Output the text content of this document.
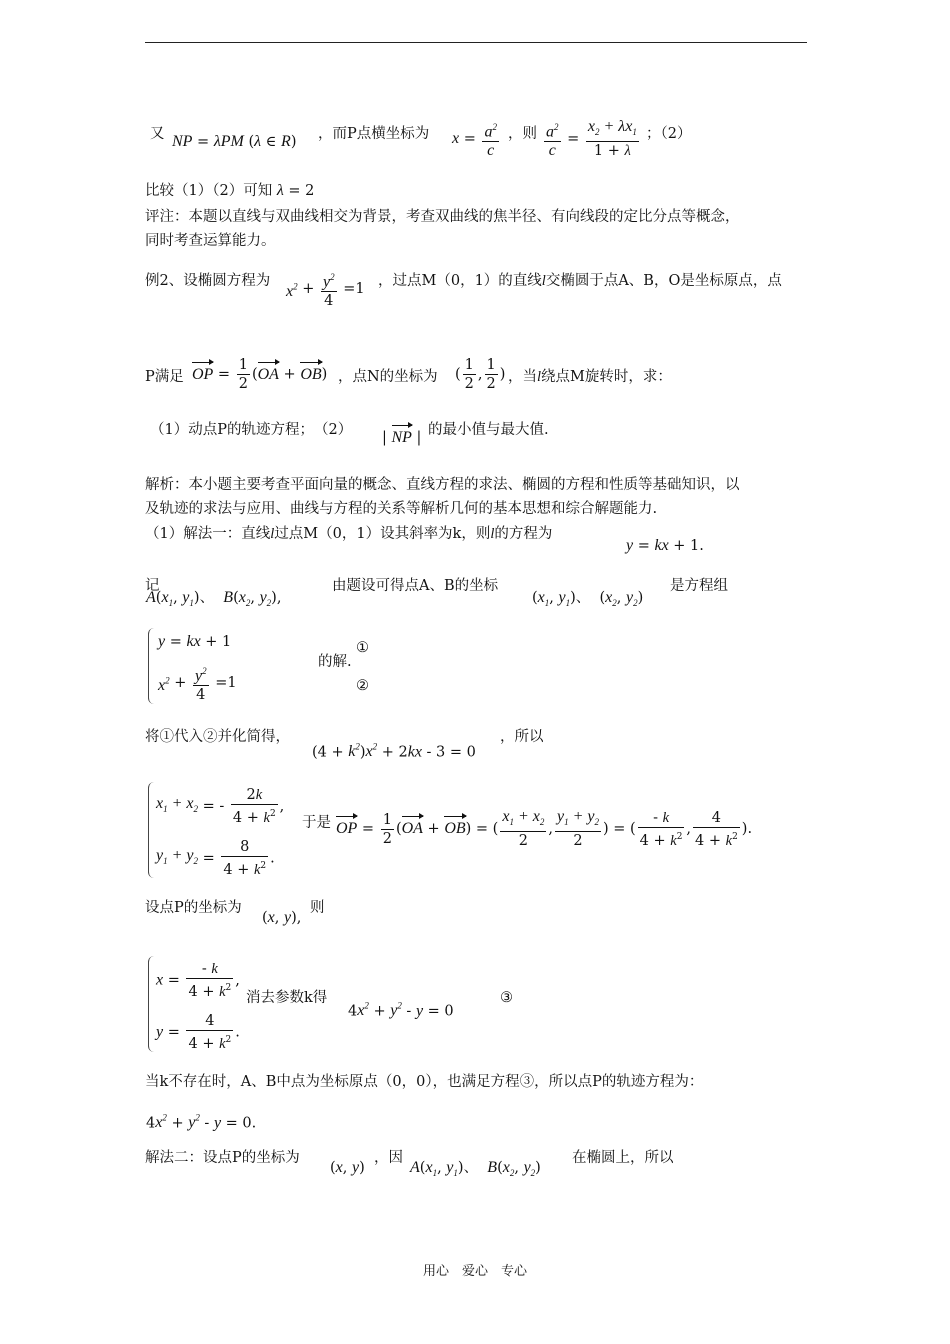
又 NP = λPM (λ ∈ R) ，而P点横坐标为 $x = \frac{a^2}{c}$ ，则 $\frac{a^2}{c} = \frac{x_2 + \lambda x_1}{1 + \lambda}$ ；（2）
比较（1）（2）可知 λ = 2
评注：本题以直线与双曲线相交为背景，考查双曲线的焦半径、有向线段的定比分点等概念，
同时考查运算能力。
例2、设椭圆方程为
$x^2 + \frac{y^2}{4} =1$
，过点M（0，1）的直线l交椭圆于点A、B，O是坐标原点，点
P满足 OP = $\frac{1}{2} (OA + OB)$ ，点N的坐标为 ( $\frac{1}{2}$ , $\frac{1}{2}$ ) ，当l绕点M旋转时，求：
（1）动点P的轨迹方程；　（2） | NP | 的最小值与最大值.
解析：本小题主要考查平面向量的概念、直线方程的求法、椭圆的方程和性质等基础知识，以
及轨迹的求法与应用、曲线与方程的关系等解析几何的基本思想和综合解题能力.
（1）解法一：直线l过点M（0，1）设其斜率为k，则l的方程为
y = kx + 1.
记
$A(x_1$, $y_1$)、 $B(x_2$, $y_2$),
由题设可得点A、B的坐标
($x_1$, $y_1$)、  ($x_2$, $y_2$)
是方程组
y = kx + 1
$x^2 + \frac{y^2}{4} =1$
的解.
①
②
将①代入②并化简得，
$(4 + k^2)x^2 + 2kx - 3 = 0$
，所以
$x_1 + x_2$ = - $\frac{2k}{4 + k^2}$ ,
$y_1 + y_2 = \frac{8}{4 + k^2}$ .
于是 OP = $\frac{1}{2} (OA + OB)$ = ( $\frac{x_1 + x_2}{2}$ , $\frac{y_1 + y_2}{2}$ ) = ( $\frac{- k}{4 + k^2}$ , $\frac{4}{4 + k^2}$ ).
设点P的坐标为
(x, y),
则
$x = \frac{- k}{4 + k^2}$ ,
$y = \frac{4}{4 + k^2}$ .
消去参数k得
$4x^2 + y^2 - y = 0$
③
当k不存在时，A、B中点为坐标原点（0，0），也满足方程③，所以点P的轨迹方程为：
$4x^2 + y^2 - y = 0$.
解法二：设点P的坐标为
(x, y)
，因
$A(x_1$, $y_1$)、 $B(x_2$, $y_2$)
在椭圆上，所以
用心　爱心　专心
